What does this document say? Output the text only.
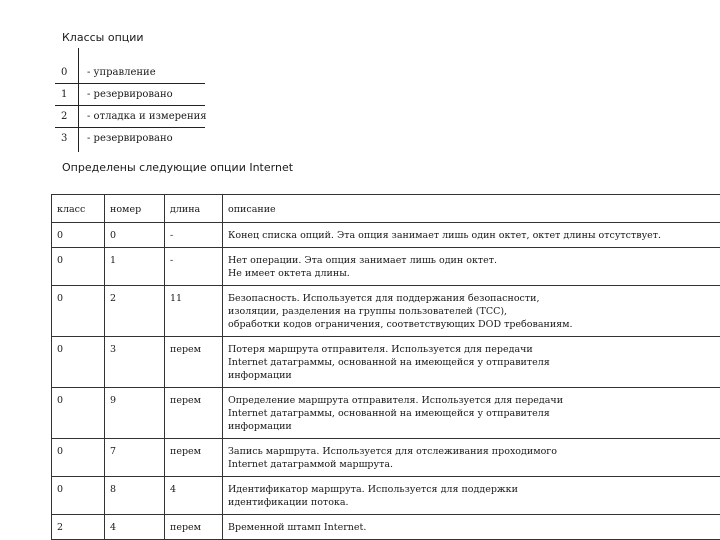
Классы опции
0	- управление
1	- резервировано
2	- отладка и измерения
3	- резервировано
Определены следующие опции Internet
класс	номер	длина	описание
0	0	-	Конец списка опций. Эта опция занимает лишь один октет, октет длины отсутствует.
0	1	-	Нет операции. Эта опция занимает лишь один октет.
Не имеет октета длины.
0	2	11	Безопасность. Используется для поддержания безопасности,
изоляции, разделения на группы пользователей (TCC),
обработки кодов ограничения, соответствующих DOD требованиям.
0	3	перем	Потеря маршрута отправителя. Используется для передачи
Internet датаграммы, основанной на имеющейся у отправителя
информации
0	9	перем	Определение маршрута отправителя. Используется для передачи
Internet датаграммы, основанной на имеющейся у отправителя
информации
0	7	перем	Запись маршрута. Используется для отслеживания проходимого
Internet датаграммой маршрута.
0	8	4	Идентификатор маршрута. Используется для поддержки
идентификации потока.
2	4	перем	Временной штамп Internet.
